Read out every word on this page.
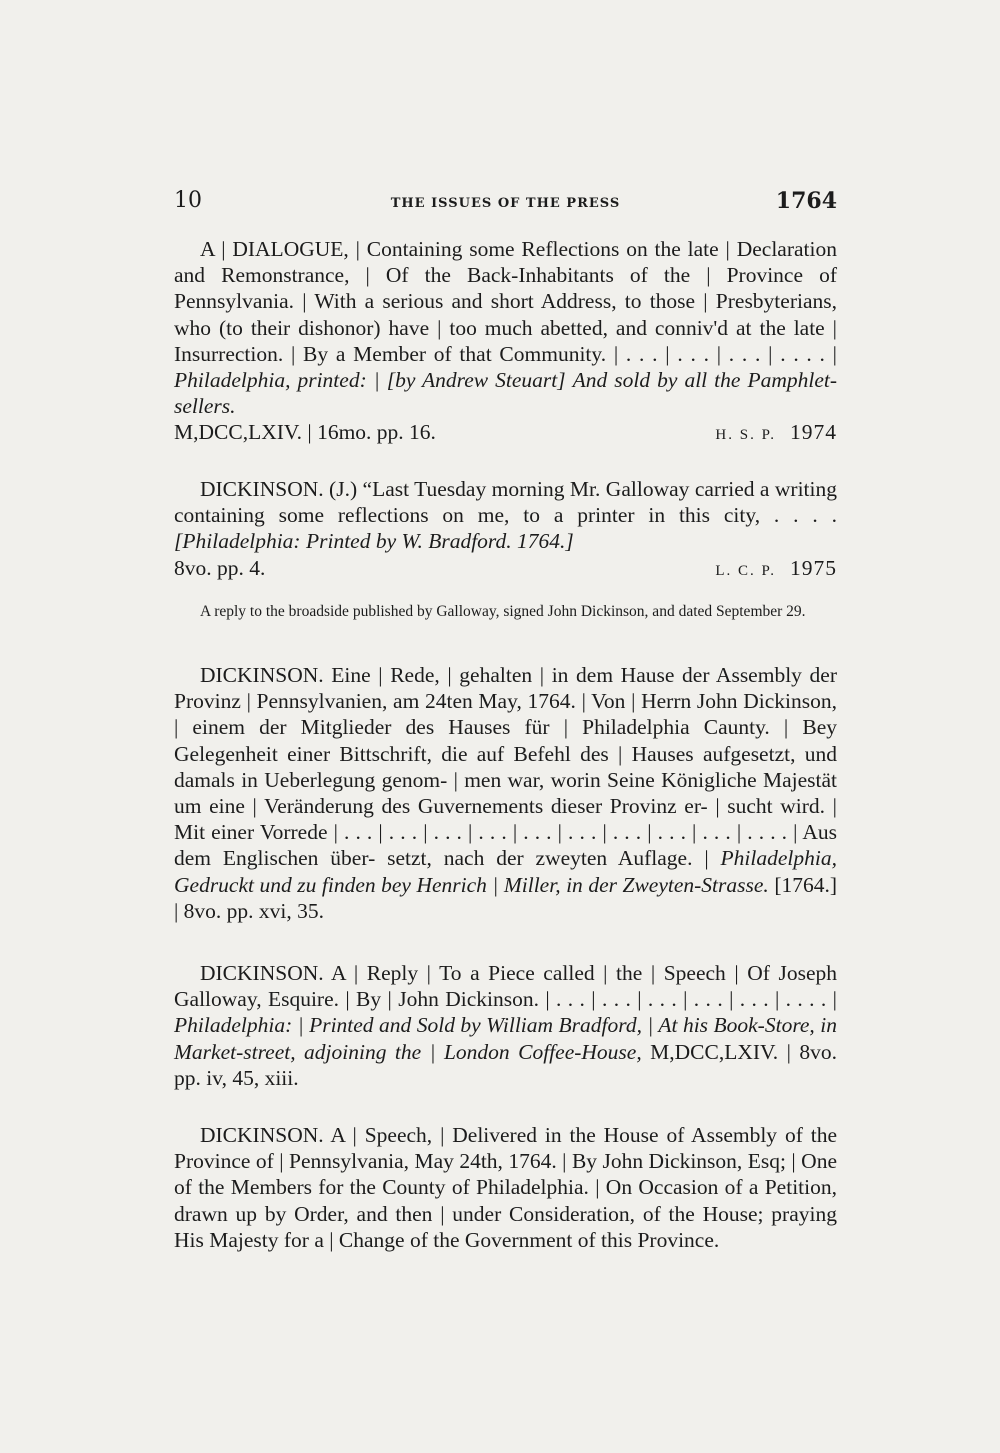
10	THE ISSUES OF THE PRESS	1764

A | DIALOGUE, | Containing some Reflections on the late | Declaration and Remonstrance, | Of the Back-Inhabitants of the | Province of Pennsylvania. | With a serious and short Address, to those | Presbyterians, who (to their dishonor) have | too much abetted, and conniv'd at the late | Insurrection. | By a Member of that Community. | . . . | . . . | . . . | . . . . | Philadelphia, printed: | [by Andrew Steuart] And sold by all the Pamphlet-sellers.

M,DCC,LXIV. | 16mo. pp. 16.	H. S. P. 1974

DICKINSON. (J.) “Last Tuesday morning Mr. Galloway carried a writing containing some reflections on me, to a printer in this city, . . . . [Philadelphia: Printed by W. Bradford. 1764.]

8vo. pp. 4.	L. C. P. 1975

A reply to the broadside published by Galloway, signed John Dickinson, and dated September 29.

DICKINSON. Eine | Rede, | gehalten | in dem Hause der Assembly der Provinz | Pennsylvanien, am 24ten May, 1764. | Von | Herrn John Dickinson, | einem der Mitglieder des Hauses für | Philadelphia Caunty. | Bey Gelegenheit einer Bittschrift, die auf Befehl des | Hauses aufgesetzt, und damals in Ueberlegung genom- | men war, worin Seine Königliche Majestät um eine | Veränderung des Guvernements dieser Provinz er- | sucht wird. | Mit einer Vorrede | . . . | . . . | . . . | . . . | . . . | . . . | . . . | . . . | . . . | . . . . | Aus dem Englischen über- setzt, nach der zweyten Auflage. | Philadelphia, Gedruckt und zu finden bey Henrich | Miller, in der Zweyten-Strasse. [1764.] | 8vo. pp. xvi, 35.

DICKINSON. A | Reply | To a Piece called | the | Speech | Of Joseph Galloway, Esquire. | By | John Dickinson. | . . . | . . . | . . . | . . . | . . . | . . . . | Philadelphia: | Printed and Sold by William Bradford, | At his Book-Store, in Market-street, adjoining the | London Coffee-House, M,DCC,LXIV. | 8vo. pp. iv, 45, xiii.

DICKINSON. A | Speech, | Delivered in the House of Assembly of the Province of | Pennsylvania, May 24th, 1764. | By John Dickinson, Esq; | One of the Members for the County of Philadelphia. | On Occasion of a Petition, drawn up by Order, and then | under Consideration, of the House; praying His Majesty for a | Change of the Government of this Province.
